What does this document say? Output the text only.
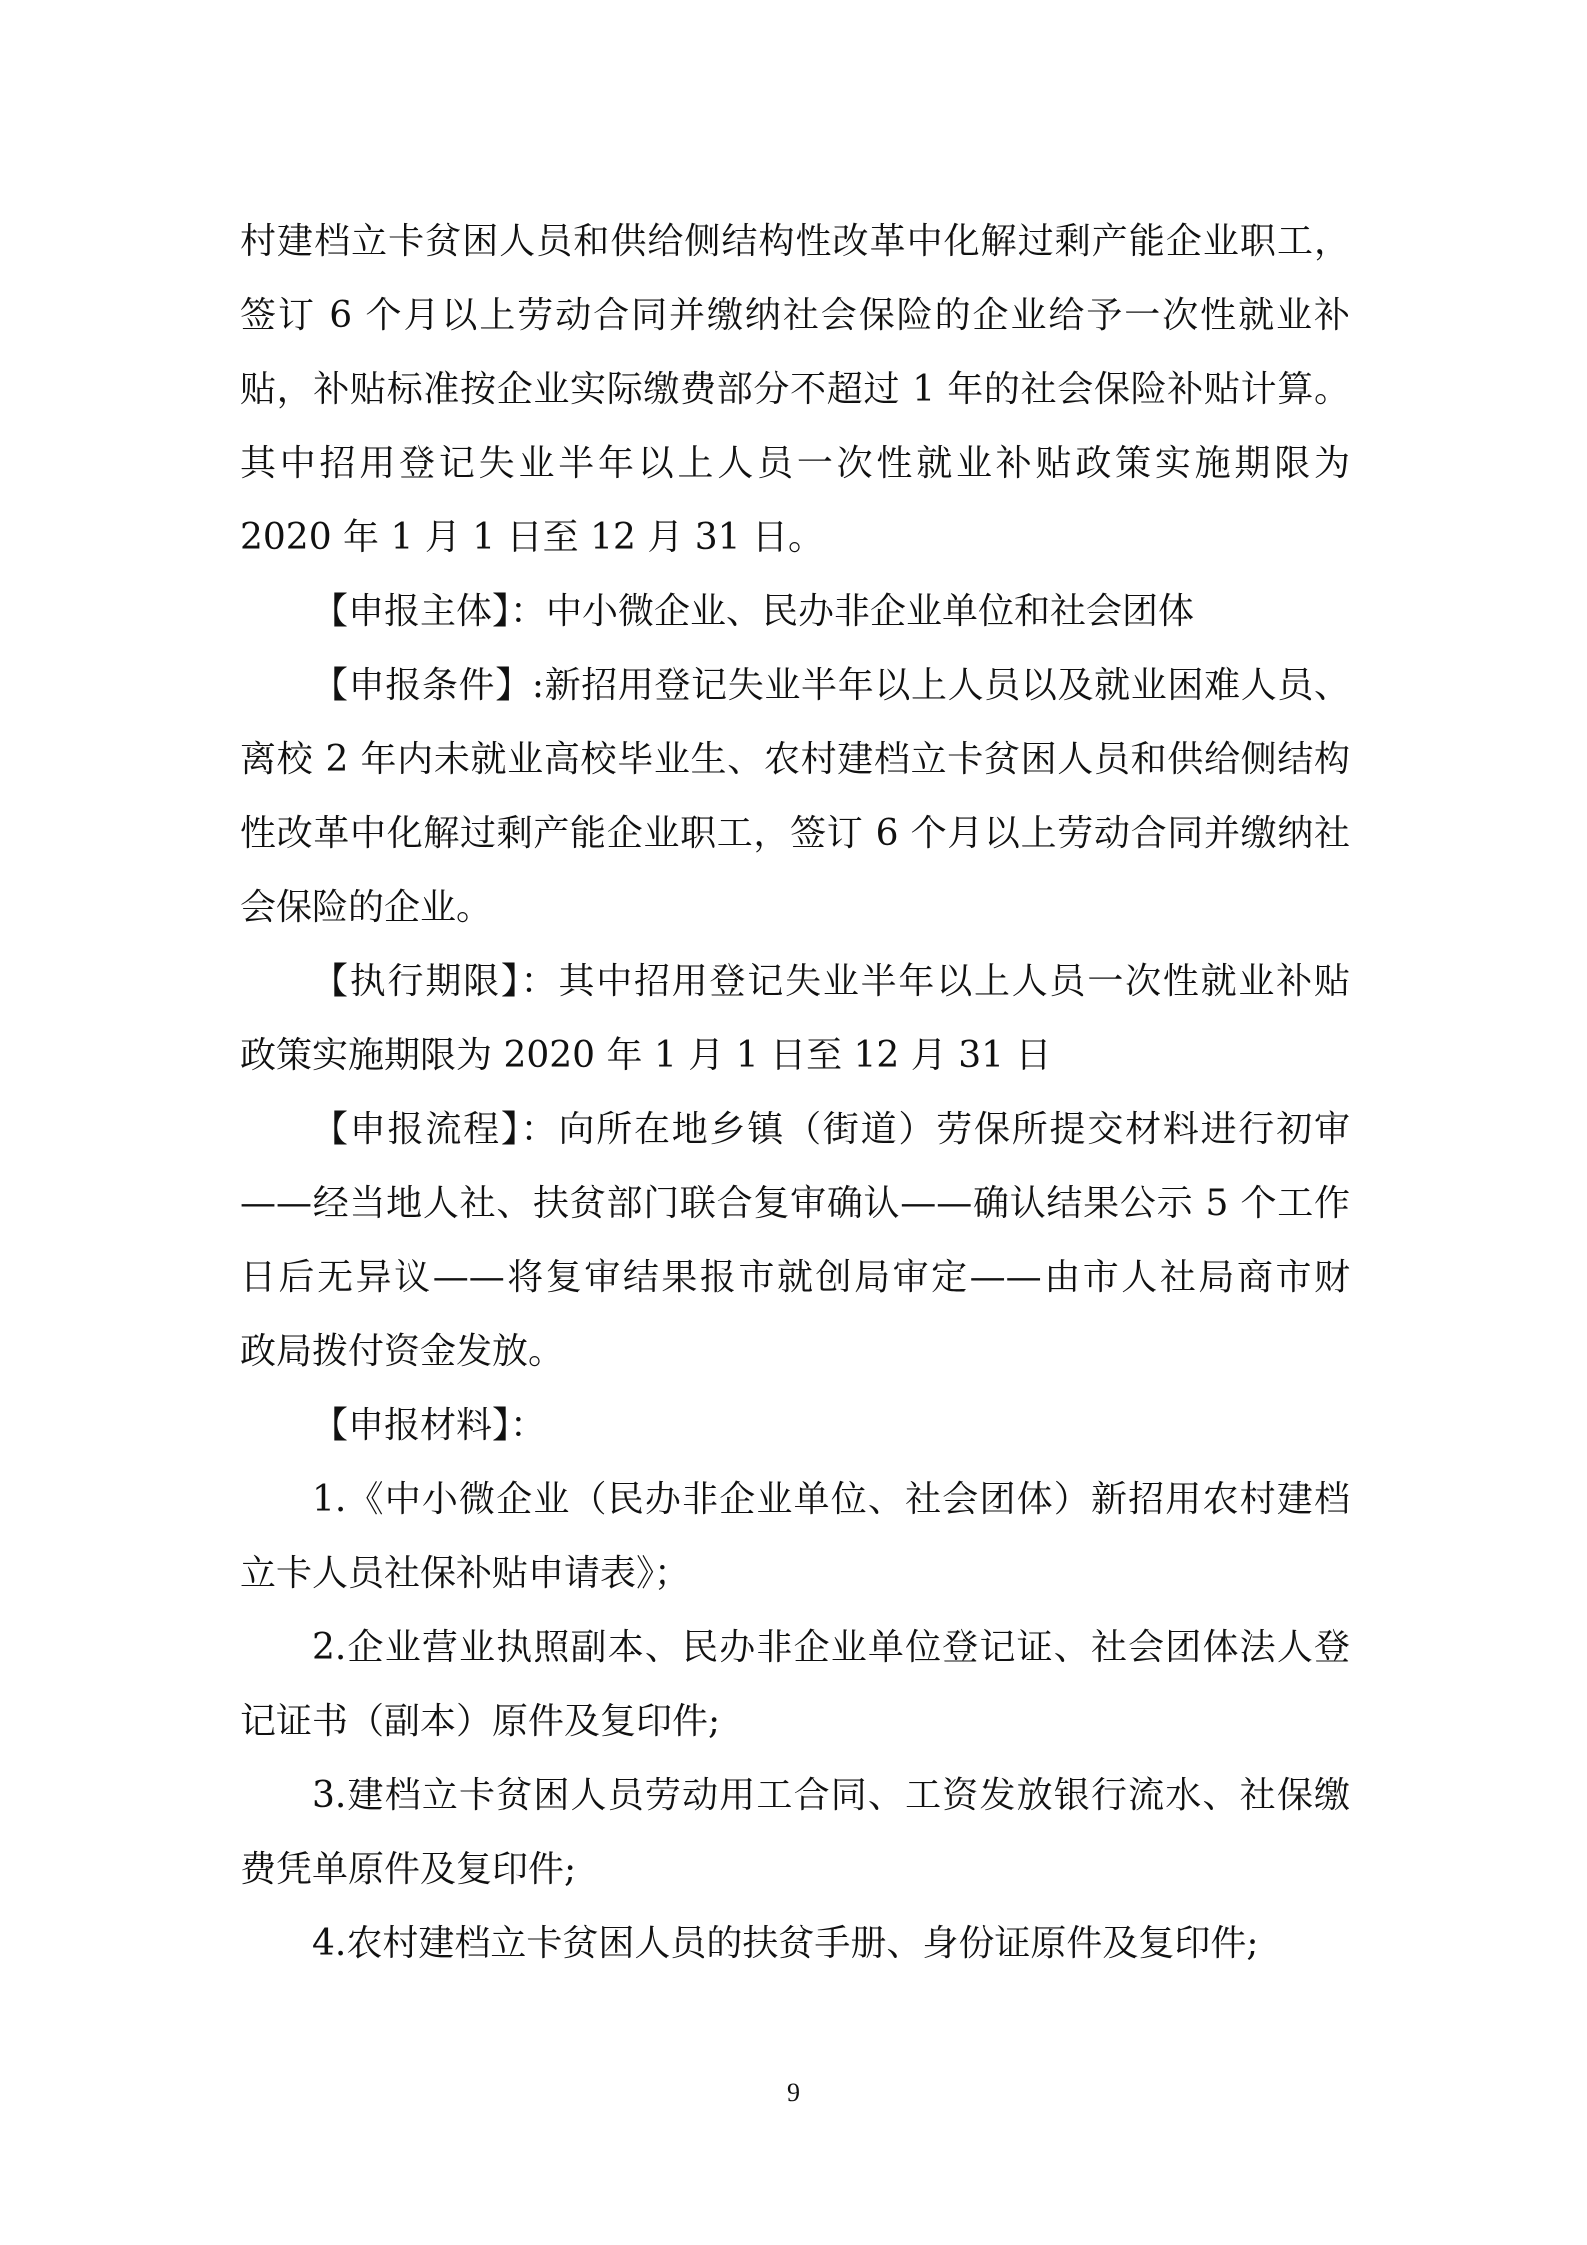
村建档立卡贫困人员和供给侧结构性改革中化解过剩产能企业职工，
签订 6 个月以上劳动合同并缴纳社会保险的企业给予一次性就业补
贴，补贴标准按企业实际缴费部分不超过 1 年的社会保险补贴计算。
其中招用登记失业半年以上人员一次性就业补贴政策实施期限为
2020 年 1 月 1 日至 12 月 31 日。
【申报主体】：中小微企业、民办非企业单位和社会团体
【申报条件】:新招用登记失业半年以上人员以及就业困难人员、
离校 2 年内未就业高校毕业生、农村建档立卡贫困人员和供给侧结构
性改革中化解过剩产能企业职工，签订 6 个月以上劳动合同并缴纳社
会保险的企业。
【执行期限】：其中招用登记失业半年以上人员一次性就业补贴
政策实施期限为 2020 年 1 月 1 日至 12 月 31 日
【申报流程】：向所在地乡镇（街道）劳保所提交材料进行初审
——经当地人社、扶贫部门联合复审确认——确认结果公示 5 个工作
日后无异议——将复审结果报市就创局审定——由市人社局商市财
政局拨付资金发放。
【申报材料】：
1.《中小微企业（民办非企业单位、社会团体）新招用农村建档
立卡人员社保补贴申请表》；
2.企业营业执照副本、民办非企业单位登记证、社会团体法人登
记证书（副本）原件及复印件;
3.建档立卡贫困人员劳动用工合同、工资发放银行流水、社保缴
费凭单原件及复印件;
4.农村建档立卡贫困人员的扶贫手册、身份证原件及复印件;
9
